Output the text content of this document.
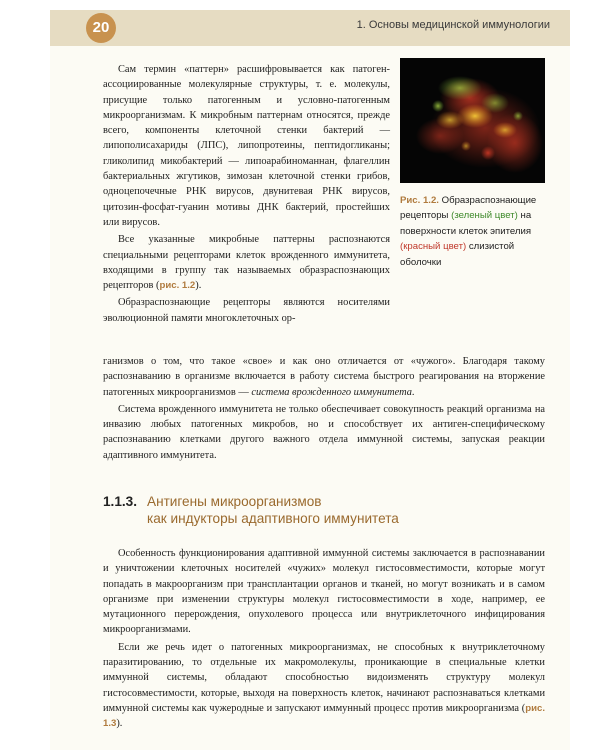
20	1. Основы медицинской иммунологии

Сам термин «паттерн» расшифровывается как патоген-ассоциированные молекулярные структуры, т. е. молекулы, присущие только патогенным и условно-патогенным микроорганизмам. К микробным паттернам относятся, прежде всего, компоненты клеточной стенки бактерий — липополисахариды (ЛПС), липопротеины, пептидогликаны; гликолипид микобактерий — липоарабиноманнан, флагеллин бактериальных жгутиков, зимозан клеточной стенки грибов, одноцепочечные РНК вирусов, двунитевая РНК вирусов, цитозин-фосфат-гуанин мотивы ДНК бактерий, простейших или вирусов.

Все указанные микробные паттерны распознаются специальными рецепторами клеток врожденного иммунитета, входящими в группу так называемых образраспознающих рецепторов (рис. 1.2).

Образраспознающие рецепторы являются носителями эволюционной памяти многоклеточных ор-

Рис. 1.2. Образраспознающие рецепторы (зеленый цвет) на поверхности клеток эпителия (красный цвет) слизистой оболочки

ганизмов о том, что такое «свое» и как оно отличается от «чужого». Благодаря такому распознаванию в организме включается в работу система быстрого реагирования на вторжение патогенных микроорганизмов — система врожденного иммунитета.

Система врожденного иммунитета не только обеспечивает совокупность реакций организма на инвазию любых патогенных микробов, но и способствует их антиген-специфическому распознаванию клетками другого важного отдела иммунной системы, запуская реакции адаптивного иммунитета.

1.1.3. Антигены микроорганизмов
как индукторы адаптивного иммунитета

Особенность функционирования адаптивной иммунной системы заключается в распознавании и уничтожении клеточных носителей «чужих» молекул гистосовместимости, которые могут попадать в макроорганизм при трансплантации органов и тканей, но могут возникать и в самом организме при изменении структуры молекул гистосовместимости в ходе, например, ее мутационного перерождения, опухолевого процесса или внутриклеточного инфицирования микроорганизмами.

Если же речь идет о патогенных микроорганизмах, не способных к внутриклеточному паразитированию, то отдельные их макромолекулы, проникающие в специальные клетки иммунной системы, обладают способностью видоизменять структуру молекул гистосовместимости, которые, выходя на поверхность клеток, начинают распознаваться клетками иммунной системы как чужеродные и запускают иммунный процесс против микроорганизма (рис. 1.3).
